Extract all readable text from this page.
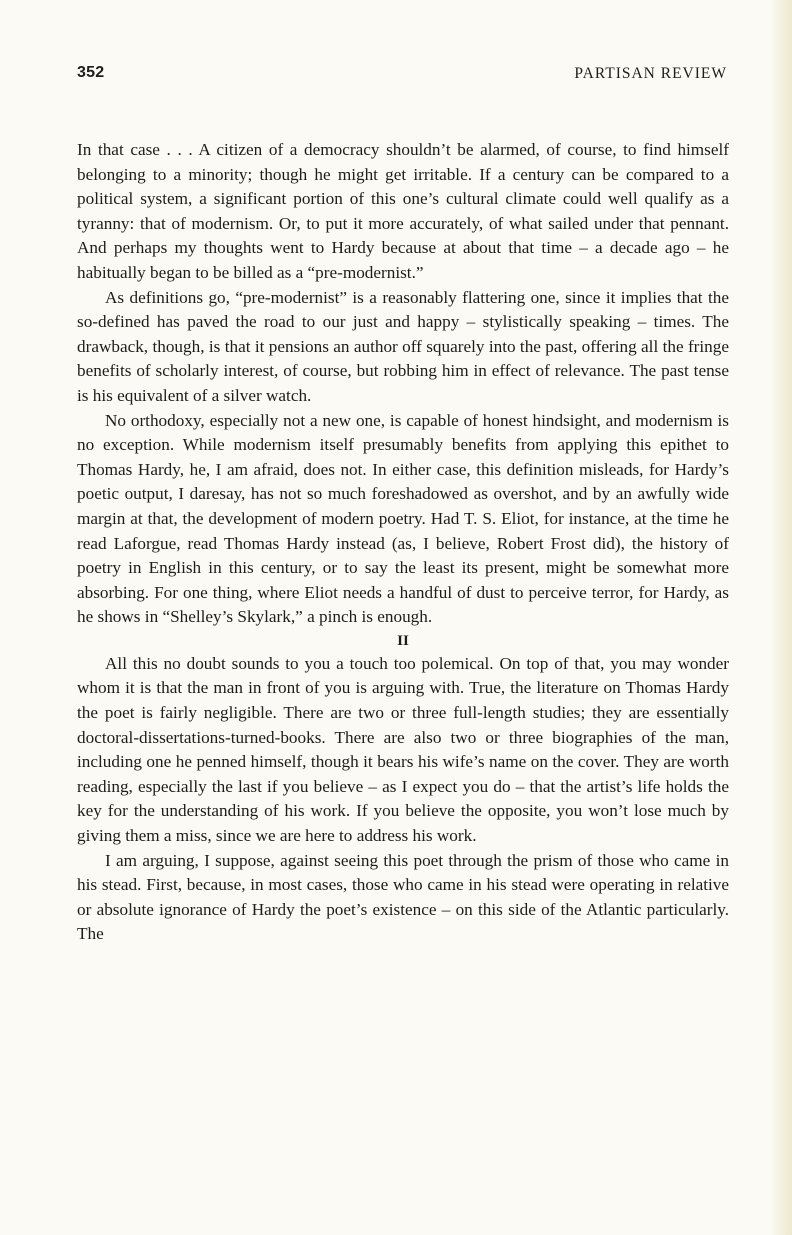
352	PARTISAN REVIEW

In that case . . . A citizen of a democracy shouldn’t be alarmed, of course, to find himself belonging to a minority; though he might get irritable. If a century can be compared to a political system, a significant portion of this one’s cultural climate could well qualify as a tyranny: that of modernism. Or, to put it more accurately, of what sailed under that pennant. And perhaps my thoughts went to Hardy because at about that time – a decade ago – he habitually began to be billed as a “pre-modernist.”

As definitions go, “pre-modernist” is a reasonably flattering one, since it implies that the so-defined has paved the road to our just and happy – stylistically speaking – times. The drawback, though, is that it pensions an author off squarely into the past, offering all the fringe benefits of scholarly interest, of course, but robbing him in effect of relevance. The past tense is his equivalent of a silver watch.

No orthodoxy, especially not a new one, is capable of honest hindsight, and modernism is no exception. While modernism itself presumably benefits from applying this epithet to Thomas Hardy, he, I am afraid, does not. In either case, this definition misleads, for Hardy’s poetic output, I daresay, has not so much foreshadowed as overshot, and by an awfully wide margin at that, the development of modern poetry. Had T. S. Eliot, for instance, at the time he read Laforgue, read Thomas Hardy instead (as, I believe, Robert Frost did), the history of poetry in English in this century, or to say the least its present, might be somewhat more absorbing. For one thing, where Eliot needs a handful of dust to perceive terror, for Hardy, as he shows in “Shelley’s Skylark,” a pinch is enough.

II

All this no doubt sounds to you a touch too polemical. On top of that, you may wonder whom it is that the man in front of you is arguing with. True, the literature on Thomas Hardy the poet is fairly negligible. There are two or three full-length studies; they are essentially doctoral-dissertations-turned-books. There are also two or three biographies of the man, including one he penned himself, though it bears his wife’s name on the cover. They are worth reading, especially the last if you believe – as I expect you do – that the artist’s life holds the key for the understanding of his work. If you believe the opposite, you won’t lose much by giving them a miss, since we are here to address his work.

I am arguing, I suppose, against seeing this poet through the prism of those who came in his stead. First, because, in most cases, those who came in his stead were operating in relative or absolute ignorance of Hardy the poet’s existence – on this side of the Atlantic particularly. The
